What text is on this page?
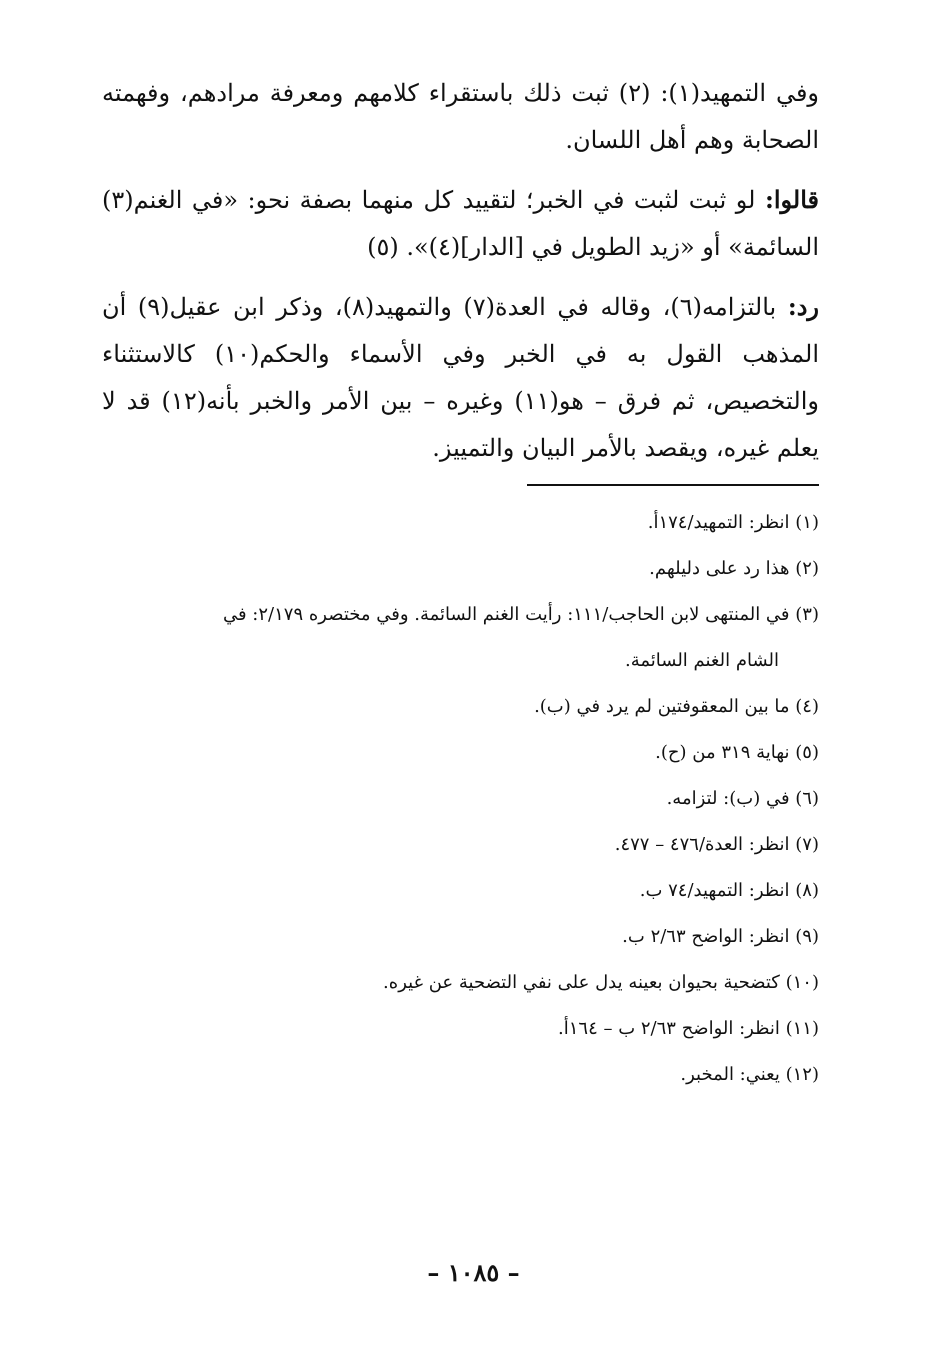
وفي التمهيد(١): (٢) ثبت ذلك باستقراء كلامهم ومعرفة مرادهم، وفهمته الصحابة وهم أهل اللسان.

قالوا: لو ثبت لثبت في الخبر؛ لتقييد كل منهما بصفة نحو: «في الغنم(٣) السائمة» أو «زيد الطويل في [الدار](٤)». (٥)

رد: بالتزامه(٦)، وقاله في العدة(٧) والتمهيد(٨)، وذكر ابن عقيل(٩) أن المذهب القول به في الخبر وفي الأسماء والحكم(١٠) كالاستثناء والتخصيص، ثم فرق – هو(١١) وغيره – بين الأمر والخبر بأنه(١٢) قد لا يعلم غيره، ويقصد بالأمر البيان والتمييز.

(١) انظر: التمهيد/١٧٤أ.

(٢) هذا رد على دليلهم.

(٣) في المنتهى لابن الحاجب/١١١: رأيت الغنم السائمة. وفي مختصره ٢/١٧٩: في

الشام الغنم السائمة.

(٤) ما بين المعقوفتين لم يرد في (ب).

(٥) نهاية ٣١٩ من (ح).

(٦) في (ب): لتزامه.

(٧) انظر: العدة/٤٧٦ – ٤٧٧.

(٨) انظر: التمهيد/٧٤ ب.

(٩) انظر: الواضح ٢/٦٣ ب.

(١٠) كتضحية بحيوان بعينه يدل على نفي التضحية عن غيره.

(١١) انظر: الواضح ٢/٦٣ ب – ١٦٤أ.

(١٢) يعني: المخبر.

– ١٠٨٥ –
